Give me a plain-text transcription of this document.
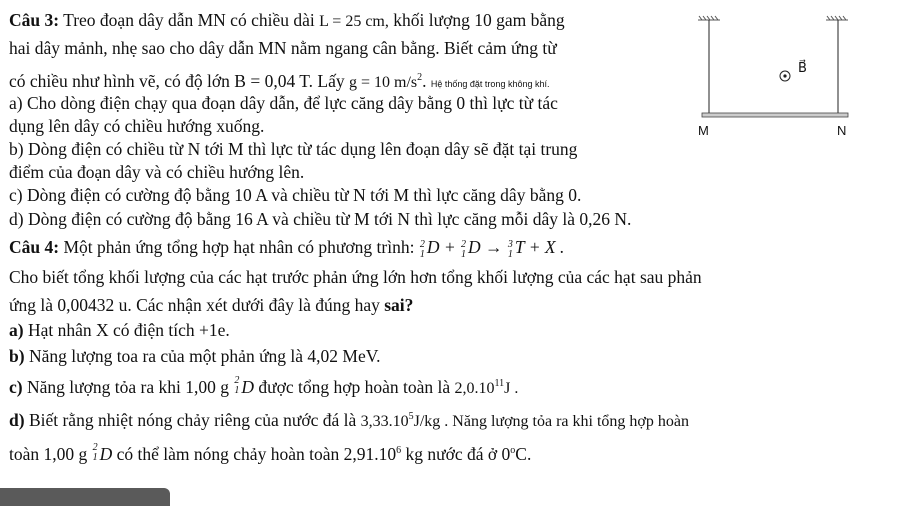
Câu 3: Treo đoạn dây dẫn MN có chiều dài L = 25 cm, khối lượng 10 gam bằng
hai dây mảnh, nhẹ sao cho dây dẫn MN nằm ngang cân bằng. Biết cảm ứng từ
có chiều như hình vẽ, có độ lớn B = 0,04 T. Lấy g = 10 $m/s^2$. Hệ thống đặt trong không khí.
a) Cho dòng điện chạy qua đoạn dây dẫn, để lực căng dây bằng 0 thì lực từ tác
dụng lên dây có chiều hướng xuống.
b) Dòng điện có chiều từ N tới M thì lực từ tác dụng lên đoạn dây sẽ đặt tại trung
điểm của đoạn dây và có chiều hướng lên.
c) Dòng điện có cường độ bằng 10 A và chiều từ N tới M thì lực căng dây bằng 0.
d) Dòng điện có cường độ bằng 16 A và chiều từ M tới N thì lực căng mỗi dây là 0,26 N.
B⃗
M	N
Câu 4: Một phản ứng tổng hợp hạt nhân có phương trình: 2
1 D + 2
1 D → 3
1 T + X .
Cho biết tổng khối lượng của các hạt trước phản ứng lớn hơn tổng khối lượng của các hạt sau phản
ứng là 0,00432 u. Các nhận xét dưới đây là đúng hay sai?
a) Hạt nhân X có điện tích +1e.
b) Năng lượng toa ra của một phản ứng là 4,02 MeV.
c) Năng lượng tỏa ra khi 1,00 g 2
1 D được tổng hợp hoàn toàn là 2,0.10$^{11}$J .
d) Biết rằng nhiệt nóng chảy riêng của nước đá là 3,33.10$^5$J/kg . Năng lượng tỏa ra khi tổng hợp hoàn
toàn 1,00 g 2
1 D có thể làm nóng chảy hoàn toàn 2,91.10$^6$ kg nước đá ở 0$^o$C.
